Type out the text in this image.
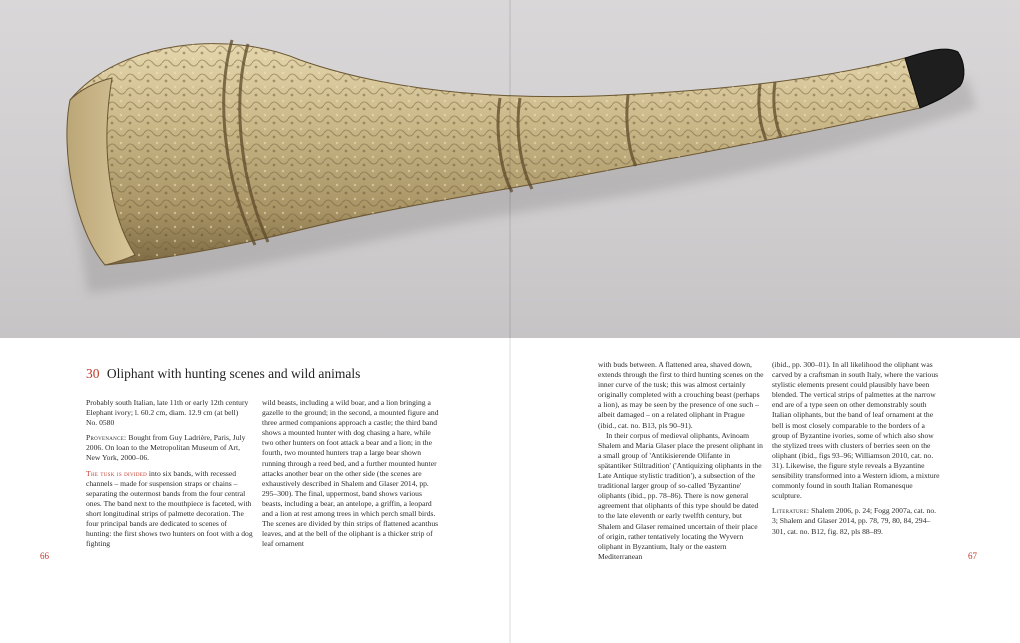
30 Oliphant with hunting scenes and wild animals

Probably south Italian, late 11th or early 12th century

Elephant ivory; l. 60.2 cm, diam. 12.9 cm (at bell)

No. 0580

Provenance: Bought from Guy Ladrière, Paris, July 2006. On loan to the Metropolitan Museum of Art, New York, 2000–06.

The tusk is divided into six bands, with recessed channels – made for suspension straps or chains – separating the outermost bands from the four central ones. The band next to the mouthpiece is faceted, with short longitudinal strips of palmette decoration. The four principal bands are dedicated to scenes of hunting: the first shows two hunters on foot with a dog fighting

wild beasts, including a wild boar, and a lion bringing a gazelle to the ground; in the second, a mounted figure and three armed companions approach a castle; the third band shows a mounted hunter with dog chasing a hare, while two other hunters on foot attack a bear and a lion; in the fourth, two mounted hunters trap a large bear shown running through a reed bed, and a further mounted hunter attacks another bear on the other side (the scenes are exhaustively described in Shalem and Glaser 2014, pp. 295–300). The final, uppermost, band shows various beasts, including a bear, an antelope, a griffin, a leopard and a lion at rest among trees in which perch small birds. The scenes are divided by thin strips of flattened acanthus leaves, and at the bell of the oliphant is a thicker strip of leaf ornament

with buds between. A flattened area, shaved down, extends through the first to third hunting scenes on the inner curve of the tusk; this was almost certainly originally completed with a crouching beast (perhaps a lion), as may be seen by the presence of one such – albeit damaged – on a related oliphant in Prague (ibid., cat. no. B13, pls 90–91).

In their corpus of medieval oliphants, Avinoam Shalem and Maria Glaser place the present oliphant in a small group of 'Antikisierende Olifante in spätantiker Stiltradition' ('Antiquizing oliphants in the Late Antique stylistic tradition'), a subsection of the traditional larger group of so-called 'Byzantine' oliphants (ibid., pp. 78–86). There is now general agreement that oliphants of this type should be dated to the late eleventh or early twelfth century, but Shalem and Glaser remained uncertain of their place of origin, rather tentatively locating the Wyvern oliphant in Byzantium, Italy or the eastern Mediterranean

(ibid., pp. 300–01). In all likelihood the oliphant was carved by a craftsman in south Italy, where the various stylistic elements present could plausibly have been blended. The vertical strips of palmettes at the narrow end are of a type seen on other demonstrably south Italian oliphants, but the band of leaf ornament at the bell is most closely comparable to the borders of a group of Byzantine ivories, some of which also show the stylized trees with clusters of berries seen on the oliphant (ibid., figs 93–96; Williamson 2010, cat. no. 31). Likewise, the figure style reveals a Byzantine sensibility transformed into a Western idiom, a mixture commonly found in south Italian Romanesque sculpture.

Literature: Shalem 2006, p. 24; Fogg 2007a, cat. no. 3; Shalem and Glaser 2014, pp. 78, 79, 80, 84, 294–301, cat. no. B12, fig. 82, pls 88–89.

66	67
